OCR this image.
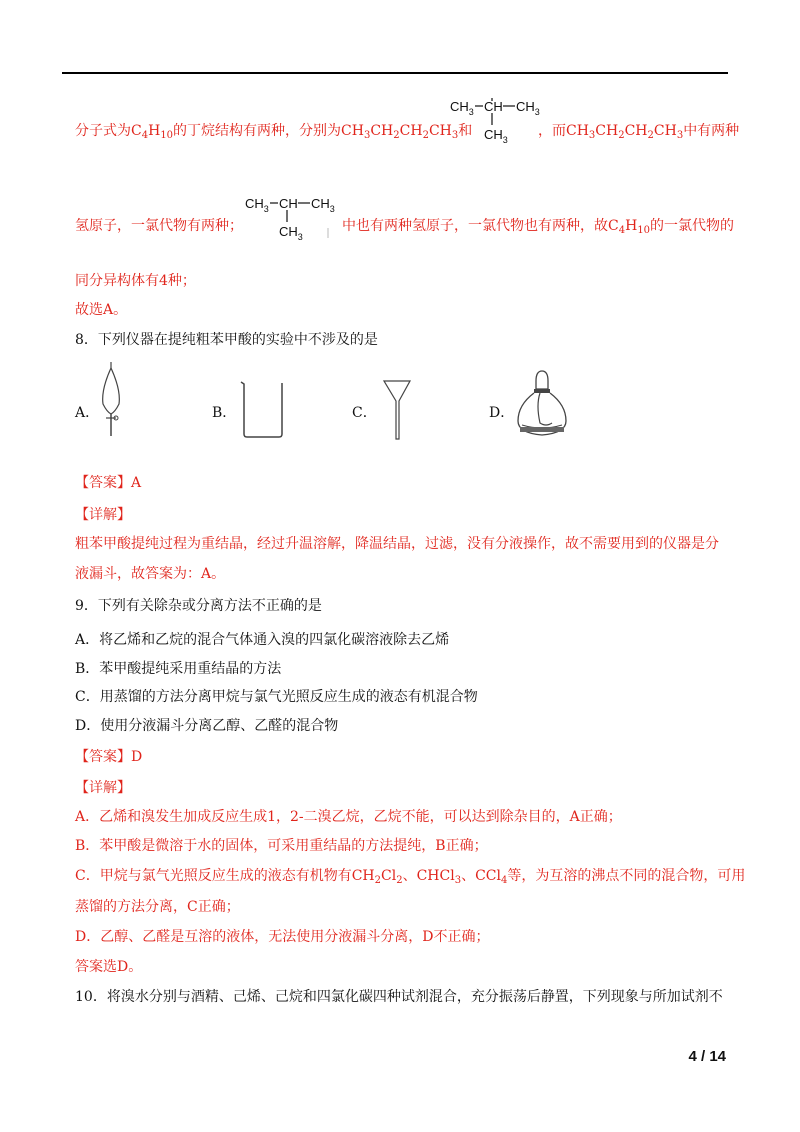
分子式为$C_4H_{10}$的丁烷结构有两种，分别为$CH_3CH_2CH_2CH_3$和	，而$CH_3CH_2CH_2CH_3$中有两种
$CH_3$ CH $CH_3$
$CH_3$
氢原子，一氯代物有两种；
$CH_3$ CH $CH_3$
$CH_3$
中也有两种氢原子，一氯代物也有两种，故$C_4H_{10}$的一氯代物的
同分异构体有4种；
故选A。
8．下列仪器在提纯粗苯甲酸的实验中不涉及的是
A．	B．	C．	D．
【答案】A
【详解】
粗苯甲酸提纯过程为重结晶，经过升温溶解，降温结晶，过滤，没有分液操作，故不需要用到的仪器是分
液漏斗，故答案为：A。
9．下列有关除杂或分离方法不正确的是
A．将乙烯和乙烷的混合气体通入溴的四氯化碳溶液除去乙烯
B．苯甲酸提纯采用重结晶的方法
C．用蒸馏的方法分离甲烷与氯气光照反应生成的液态有机混合物
D．使用分液漏斗分离乙醇、乙醛的混合物
【答案】D
【详解】
A．乙烯和溴发生加成反应生成1，2-二溴乙烷，乙烷不能，可以达到除杂目的，A正确；
B．苯甲酸是微溶于水的固体，可采用重结晶的方法提纯，B正确；
C．甲烷与氯气光照反应生成的液态有机物有$CH_2Cl_2$、CHCl$_3$、CCl$_4$等，为互溶的沸点不同的混合物，可用
蒸馏的方法分离，C正确；
D．乙醇、乙醛是互溶的液体，无法使用分液漏斗分离，D不正确；
答案选D。
10．将溴水分别与酒精、己烯、己烷和四氯化碳四种试剂混合，充分振荡后静置，下列现象与所加试剂不
4 / 14
